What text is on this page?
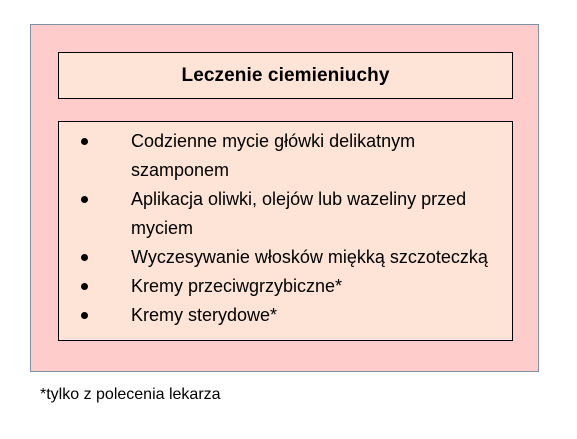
Leczenie ciemieniuchy
Codzienne mycie główki delikatnym szamponem
Aplikacja oliwki, olejów lub wazeliny przed myciem
Wyczesywanie włosków miękką szczoteczką
Kremy przeciwgrzybiczne*
Kremy sterydowe*
*tylko z polecenia lekarza
